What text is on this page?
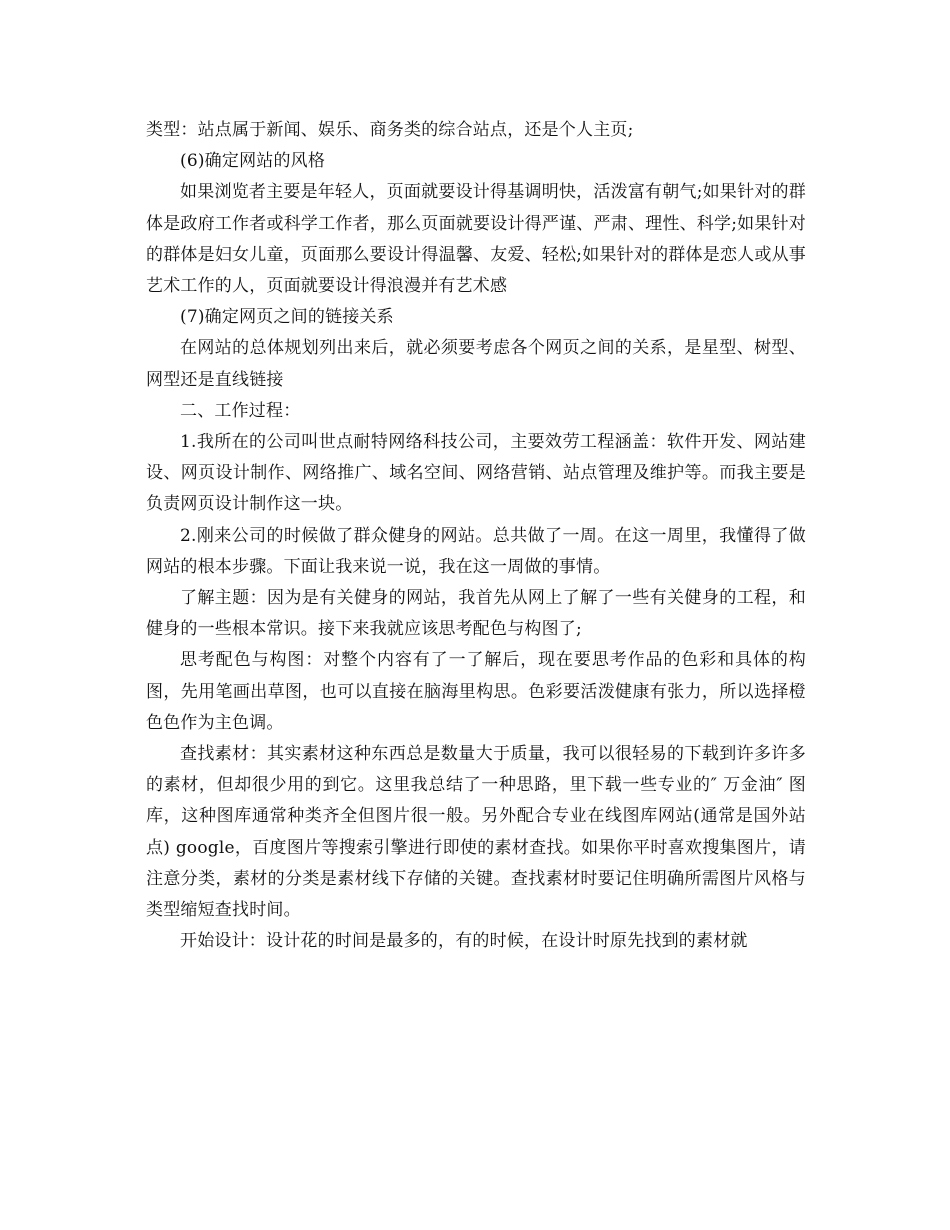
类型：站点属于新闻、娱乐、商务类的综合站点，还是个人主页;

(6)确定网站的风格

如果浏览者主要是年轻人，页面就要设计得基调明快，活泼富有朝气;如果针对的群体是政府工作者或科学工作者，那么页面就要设计得严谨、严肃、理性、科学;如果针对的群体是妇女儿童，页面那么要设计得温馨、友爱、轻松;如果针对的群体是恋人或从事艺术工作的人，页面就要设计得浪漫并有艺术感

(7)确定网页之间的链接关系

在网站的总体规划列出来后，就必须要考虑各个网页之间的关系，是星型、树型、网型还是直线链接

二、工作过程：

1.我所在的公司叫世点耐特网络科技公司，主要效劳工程涵盖：软件开发、网站建设、网页设计制作、网络推广、域名空间、网络营销、站点管理及维护等。而我主要是负责网页设计制作这一块。

2.刚来公司的时候做了群众健身的网站。总共做了一周。在这一周里，我懂得了做网站的根本步骤。下面让我来说一说，我在这一周做的事情。

了解主题：因为是有关健身的网站，我首先从网上了解了一些有关健身的工程，和健身的一些根本常识。接下来我就应该思考配色与构图了;

思考配色与构图：对整个内容有了一了解后，现在要思考作品的色彩和具体的构图，先用笔画出草图，也可以直接在脑海里构思。色彩要活泼健康有张力，所以选择橙色色作为主色调。

查找素材：其实素材这种东西总是数量大于质量，我可以很轻易的下载到许多许多的素材，但却很少用的到它。这里我总结了一种思路，里下载一些专业的″ 万金油″ 图库，这种图库通常种类齐全但图片很一般。另外配合专业在线图库网站(通常是国外站点) google，百度图片等搜索引擎进行即使的素材查找。如果你平时喜欢搜集图片，请注意分类，素材的分类是素材线下存储的关键。查找素材时要记住明确所需图片风格与类型缩短查找时间。

开始设计：设计花的时间是最多的，有的时候，在设计时原先找到的素材就
